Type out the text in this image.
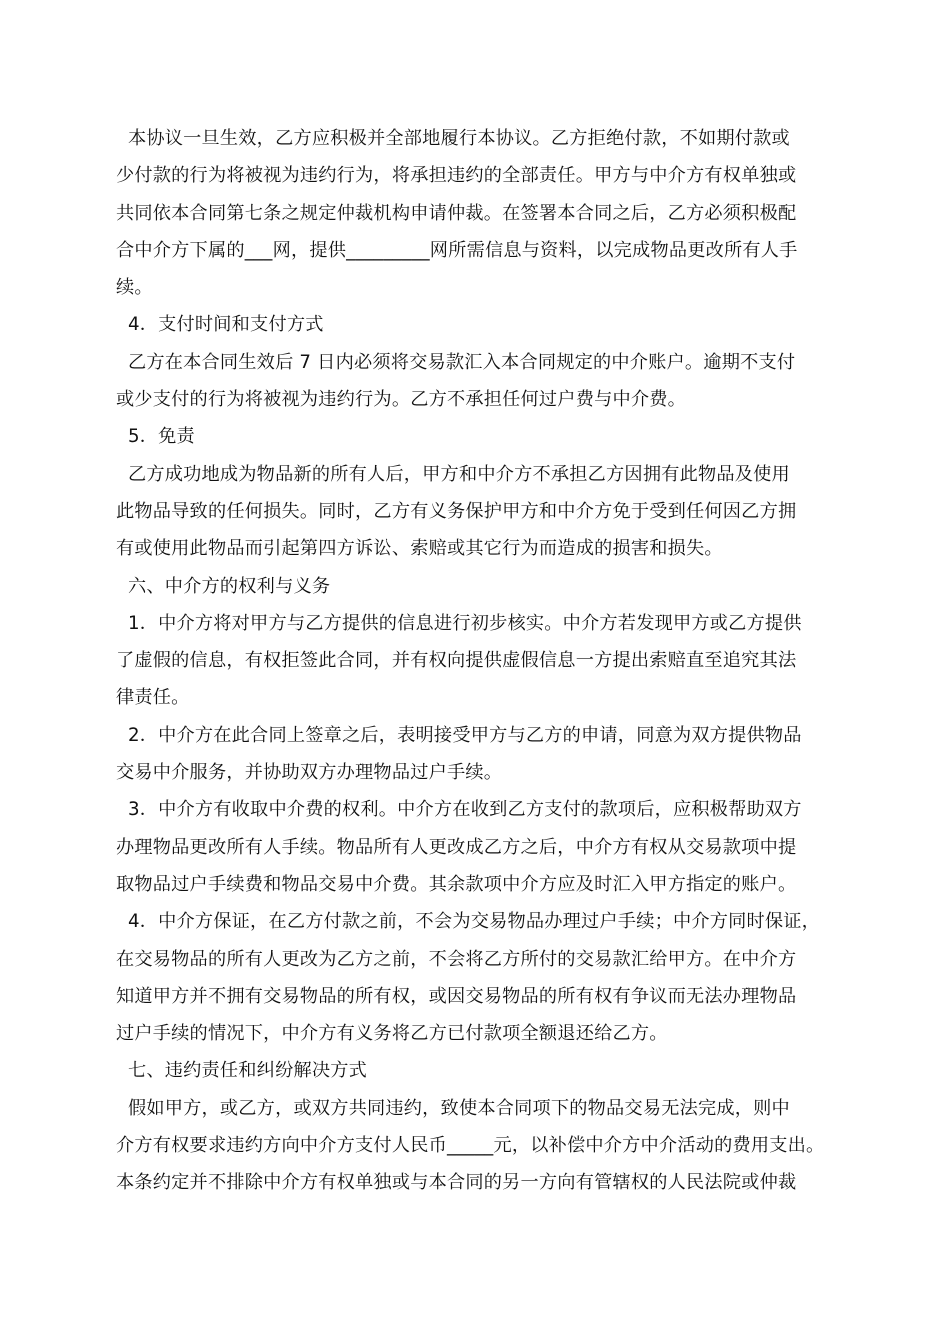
本协议一旦生效，乙方应积极并全部地履行本协议。乙方拒绝付款，不如期付款或
少付款的行为将被视为违约行为，将承担违约的全部责任。甲方与中介方有权单独或
共同依本合同第七条之规定仲裁机构申请仲裁。在签署本合同之后，乙方必须积极配
合中介方下属的___网，提供_________网所需信息与资料，以完成物品更改所有人手
续。
4．支付时间和支付方式
乙方在本合同生效后 7 日内必须将交易款汇入本合同规定的中介账户。逾期不支付
或少支付的行为将被视为违约行为。乙方不承担任何过户费与中介费。
5．免责
乙方成功地成为物品新的所有人后，甲方和中介方不承担乙方因拥有此物品及使用
此物品导致的任何损失。同时，乙方有义务保护甲方和中介方免于受到任何因乙方拥
有或使用此物品而引起第四方诉讼、索赔或其它行为而造成的损害和损失。
六、中介方的权利与义务
1．中介方将对甲方与乙方提供的信息进行初步核实。中介方若发现甲方或乙方提供
了虚假的信息，有权拒签此合同，并有权向提供虚假信息一方提出索赔直至追究其法
律责任。
2．中介方在此合同上签章之后，表明接受甲方与乙方的申请，同意为双方提供物品
交易中介服务，并协助双方办理物品过户手续。
3．中介方有收取中介费的权利。中介方在收到乙方支付的款项后，应积极帮助双方
办理物品更改所有人手续。物品所有人更改成乙方之后，中介方有权从交易款项中提
取物品过户手续费和物品交易中介费。其余款项中介方应及时汇入甲方指定的账户。
4．中介方保证，在乙方付款之前，不会为交易物品办理过户手续；中介方同时保证，
在交易物品的所有人更改为乙方之前，不会将乙方所付的交易款汇给甲方。在中介方
知道甲方并不拥有交易物品的所有权，或因交易物品的所有权有争议而无法办理物品
过户手续的情况下，中介方有义务将乙方已付款项全额退还给乙方。
七、违约责任和纠纷解决方式
假如甲方，或乙方，或双方共同违约，致使本合同项下的物品交易无法完成，则中
介方有权要求违约方向中介方支付人民币_____元，以补偿中介方中介活动的费用支出。
本条约定并不排除中介方有权单独或与本合同的另一方向有管辖权的人民法院或仲裁
